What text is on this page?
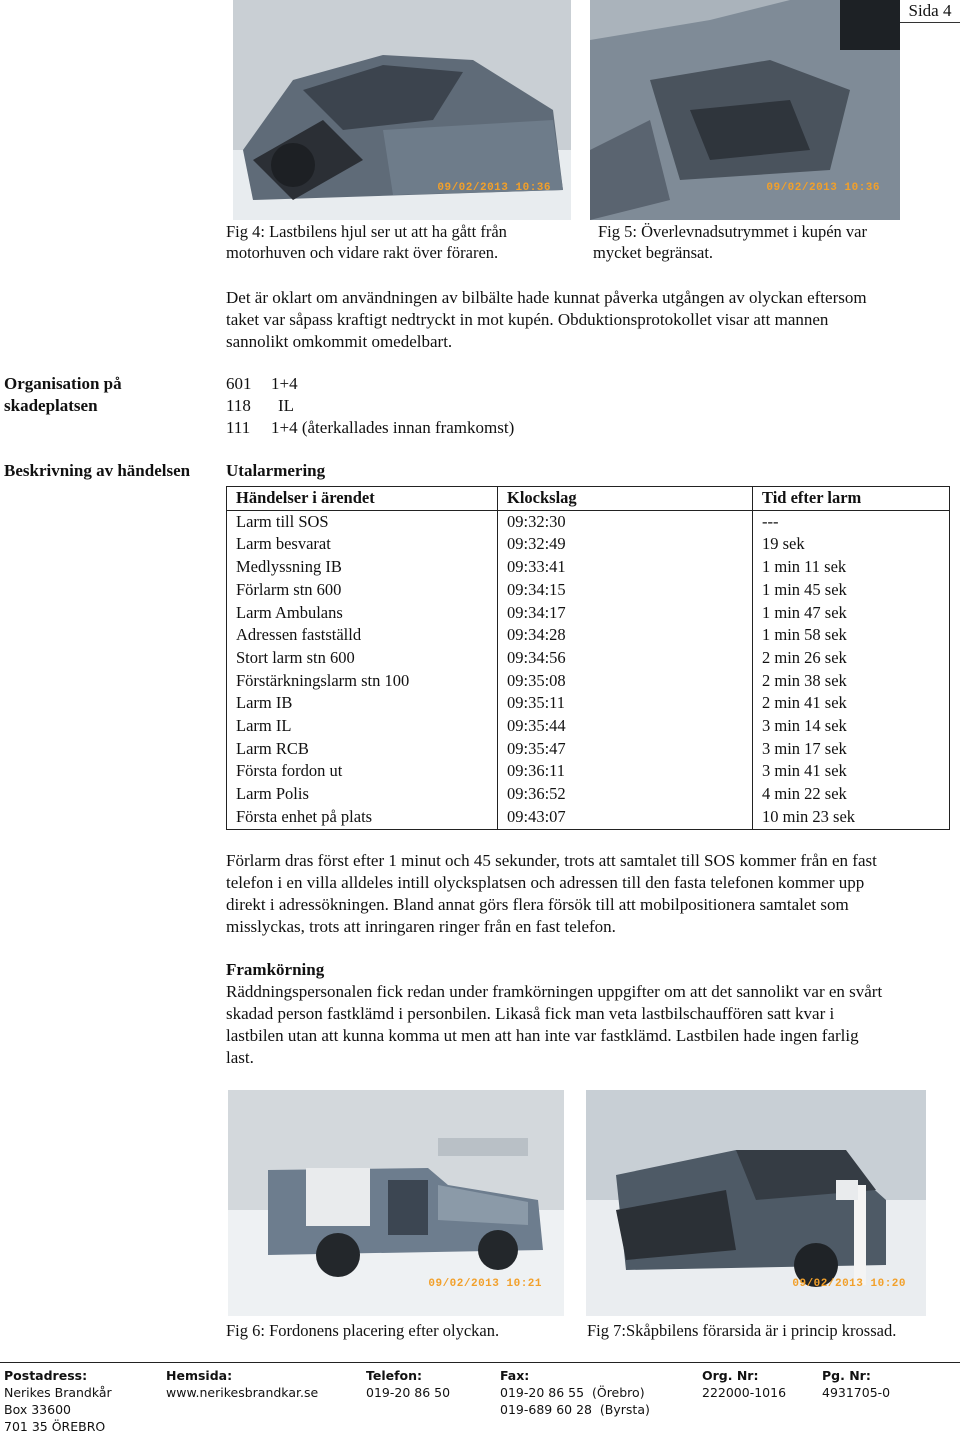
Sida 4
09/02/2013 10:36	09/02/2013 10:36
Fig 4: Lastbilens hjul ser ut att ha gått från
motorhuven och vidare rakt över föraren.
Fig 5: Överlevnadsutrymmet i kupén var
mycket begränsat.
Det är oklart om användningen av bilbälte hade kunnat påverka utgången av olyckan eftersom
taket var såpass kraftigt nedtryckt in mot kupén. Obduktionsprotokollet visar att mannen
sannolikt omkommit omedelbart.
Organisation på
skadeplatsen
601 1+4
118 IL
111 1+4 (återkallades innan framkomst)
Beskrivning av händelsen Utalarmering
Händelser i ärendet	Klockslag	Tid efter larm
Larm till SOS	09:32:30	---
Larm besvarat	09:32:49	19 sek
Medlyssning IB	09:33:41	1 min 11 sek
Förlarm stn 600	09:34:15	1 min 45 sek
Larm Ambulans	09:34:17	1 min 47 sek
Adressen fastställd	09:34:28	1 min 58 sek
Stort larm stn 600	09:34:56	2 min 26 sek
Förstärkningslarm stn 100	09:35:08	2 min 38 sek
Larm IB	09:35:11	2 min 41 sek
Larm IL	09:35:44	3 min 14 sek
Larm RCB	09:35:47	3 min 17 sek
Första fordon ut	09:36:11	3 min 41 sek
Larm Polis	09:36:52	4 min 22 sek
Första enhet på plats	09:43:07	10 min 23 sek
Förlarm dras först efter 1 minut och 45 sekunder, trots att samtalet till SOS kommer från en fast
telefon i en villa alldeles intill olycksplatsen och adressen till den fasta telefonen kommer upp
direkt i adressökningen. Bland annat görs flera försök till att mobilpositionera samtalet som
misslyckas, trots att inringaren ringer från en fast telefon.
Framkörning
Räddningspersonalen fick redan under framkörningen uppgifter om att det sannolikt var en svårt
skadad person fastklämd i personbilen. Likaså fick man veta lastbilschauffören satt kvar i
lastbilen utan att kunna komma ut men att han inte var fastklämd. Lastbilen hade ingen farlig
last.
09/02/2013 10:21	09/02/2013 10:20
Fig 6: Fordonens placering efter olyckan.	Fig 7:Skåpbilens förarsida är i princip krossad.
Postadress:
Nerikes Brandkår
Box 33600
701 35 ÖREBRO
Hemsida:
www.nerikesbrandkar.se
Telefon:
019-20 86 50
Fax:
019-20 86 55  (Örebro)
019-689 60 28  (Byrsta)
Org. Nr:
222000-1016
Pg. Nr:
4931705-0
